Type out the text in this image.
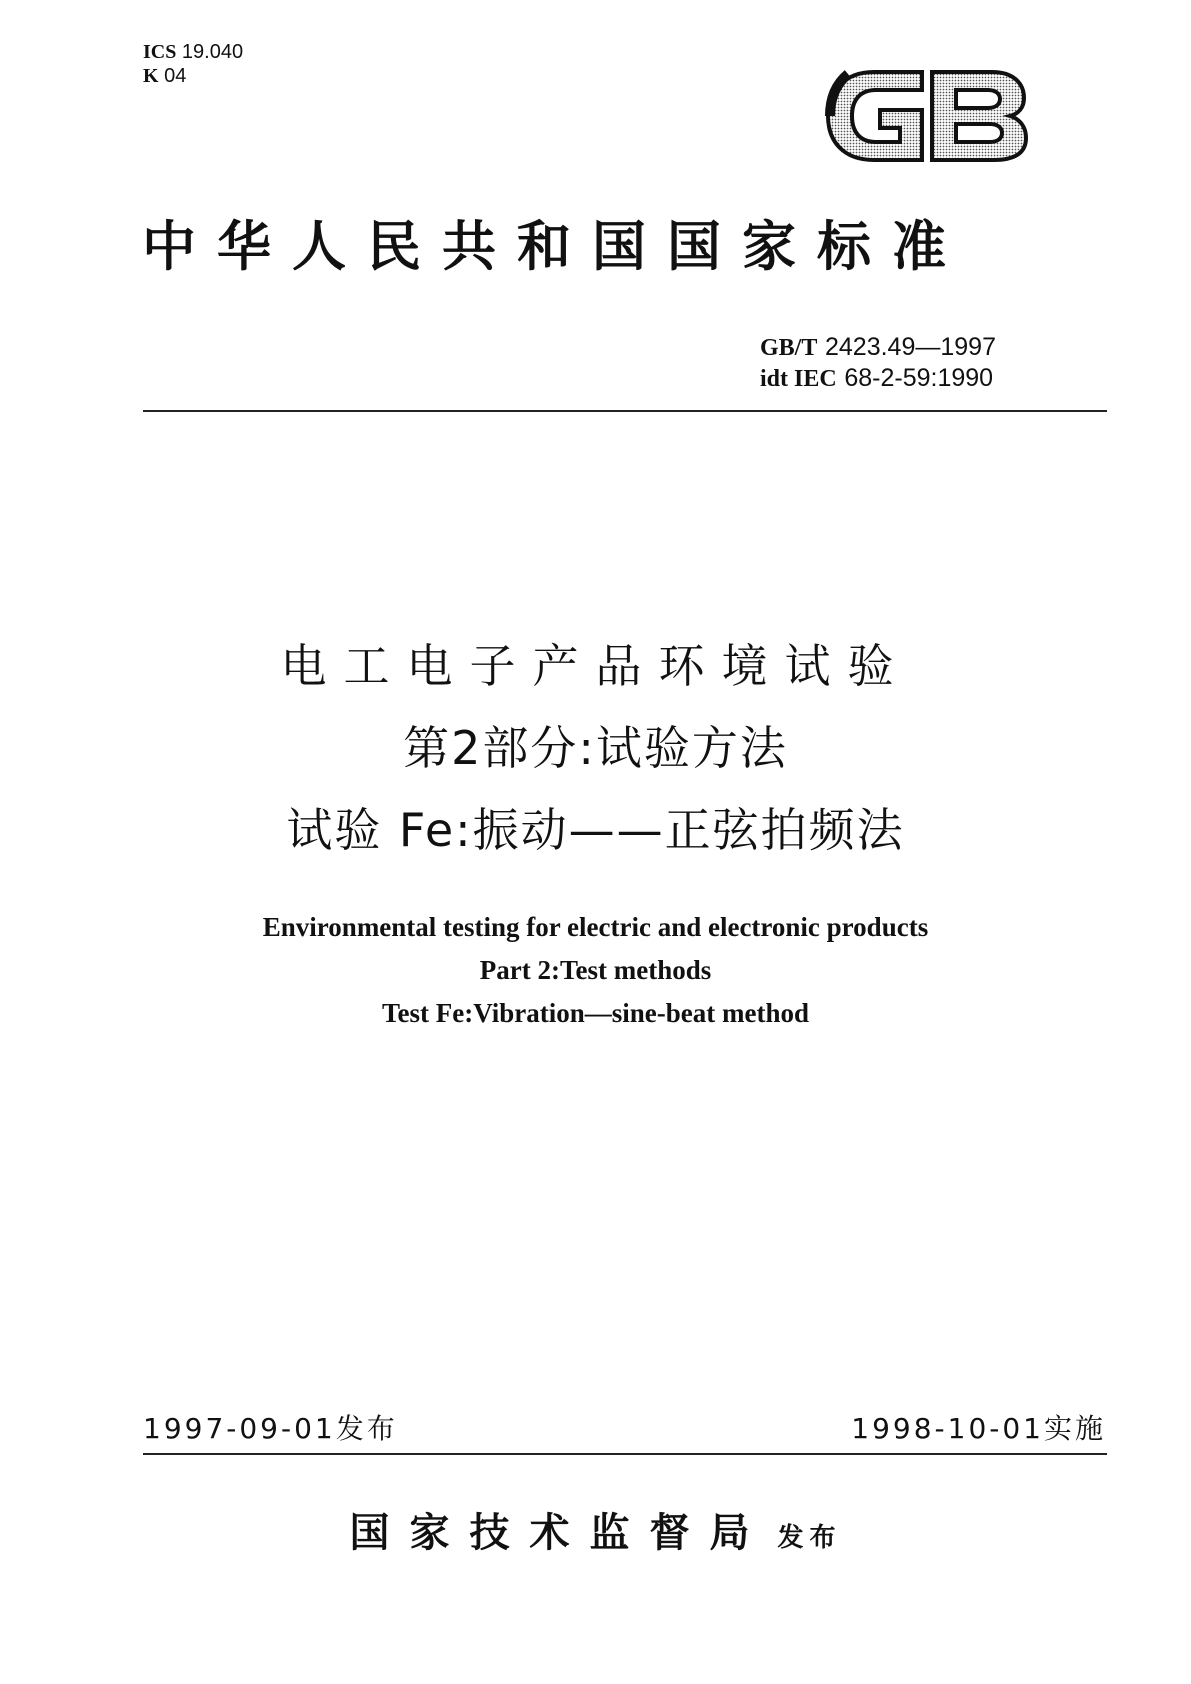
ICS 19.040
K 04
中华人民共和国国家标准
GB/T 2423.49—1997
idt IEC 68-2-59:1990
电工电子产品环境试验
第2部分:试验方法
试验 Fe:振动——正弦拍频法
Environmental testing for electric and electronic products
Part 2:Test methods
Test Fe:Vibration—sine-beat method
1997-09-01发布	1998-10-01实施
国家技术监督局 发布
